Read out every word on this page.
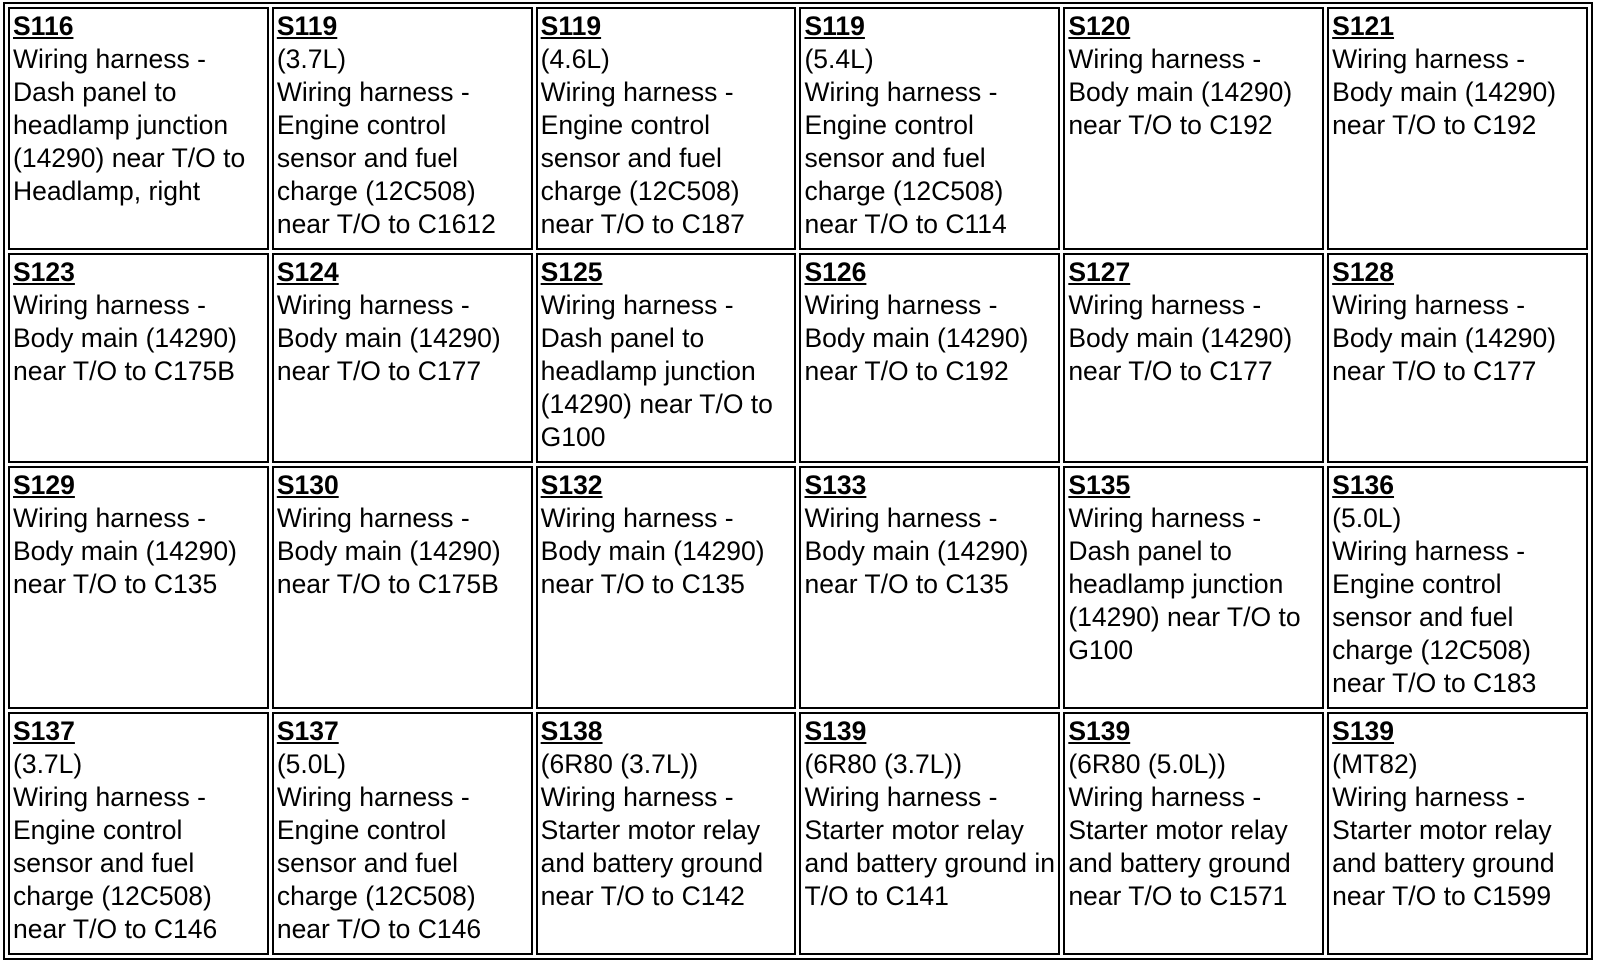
S116
Wiring harness - Dash panel to headlamp junction (14290) near T/O to Headlamp, right	S119
(3.7L)
Wiring harness - Engine control sensor and fuel charge (12C508) near T/O to C1612	S119
(4.6L)
Wiring harness - Engine control sensor and fuel charge (12C508) near T/O to C187	S119
(5.4L)
Wiring harness - Engine control sensor and fuel charge (12C508) near T/O to C114	S120
Wiring harness - Body main (14290) near T/O to C192	S121
Wiring harness - Body main (14290) near T/O to C192

S123
Wiring harness - Body main (14290) near T/O to C175B	S124
Wiring harness - Body main (14290) near T/O to C177	S125
Wiring harness - Dash panel to headlamp junction (14290) near T/O to G100	S126
Wiring harness - Body main (14290) near T/O to C192	S127
Wiring harness - Body main (14290) near T/O to C177	S128
Wiring harness - Body main (14290) near T/O to C177

S129
Wiring harness - Body main (14290) near T/O to C135	S130
Wiring harness - Body main (14290) near T/O to C175B	S132
Wiring harness - Body main (14290) near T/O to C135	S133
Wiring harness - Body main (14290) near T/O to C135	S135
Wiring harness - Dash panel to headlamp junction (14290) near T/O to G100	S136
(5.0L)
Wiring harness - Engine control sensor and fuel charge (12C508) near T/O to C183

S137
(3.7L)
Wiring harness - Engine control sensor and fuel charge (12C508) near T/O to C146	S137
(5.0L)
Wiring harness - Engine control sensor and fuel charge (12C508) near T/O to C146	S138
(6R80 (3.7L))
Wiring harness - Starter motor relay and battery ground near T/O to C142	S139
(6R80 (3.7L))
Wiring harness - Starter motor relay and battery ground in T/O to C141	S139
(6R80 (5.0L))
Wiring harness - Starter motor relay and battery ground near T/O to C1571	S139
(MT82)
Wiring harness - Starter motor relay and battery ground near T/O to C1599
